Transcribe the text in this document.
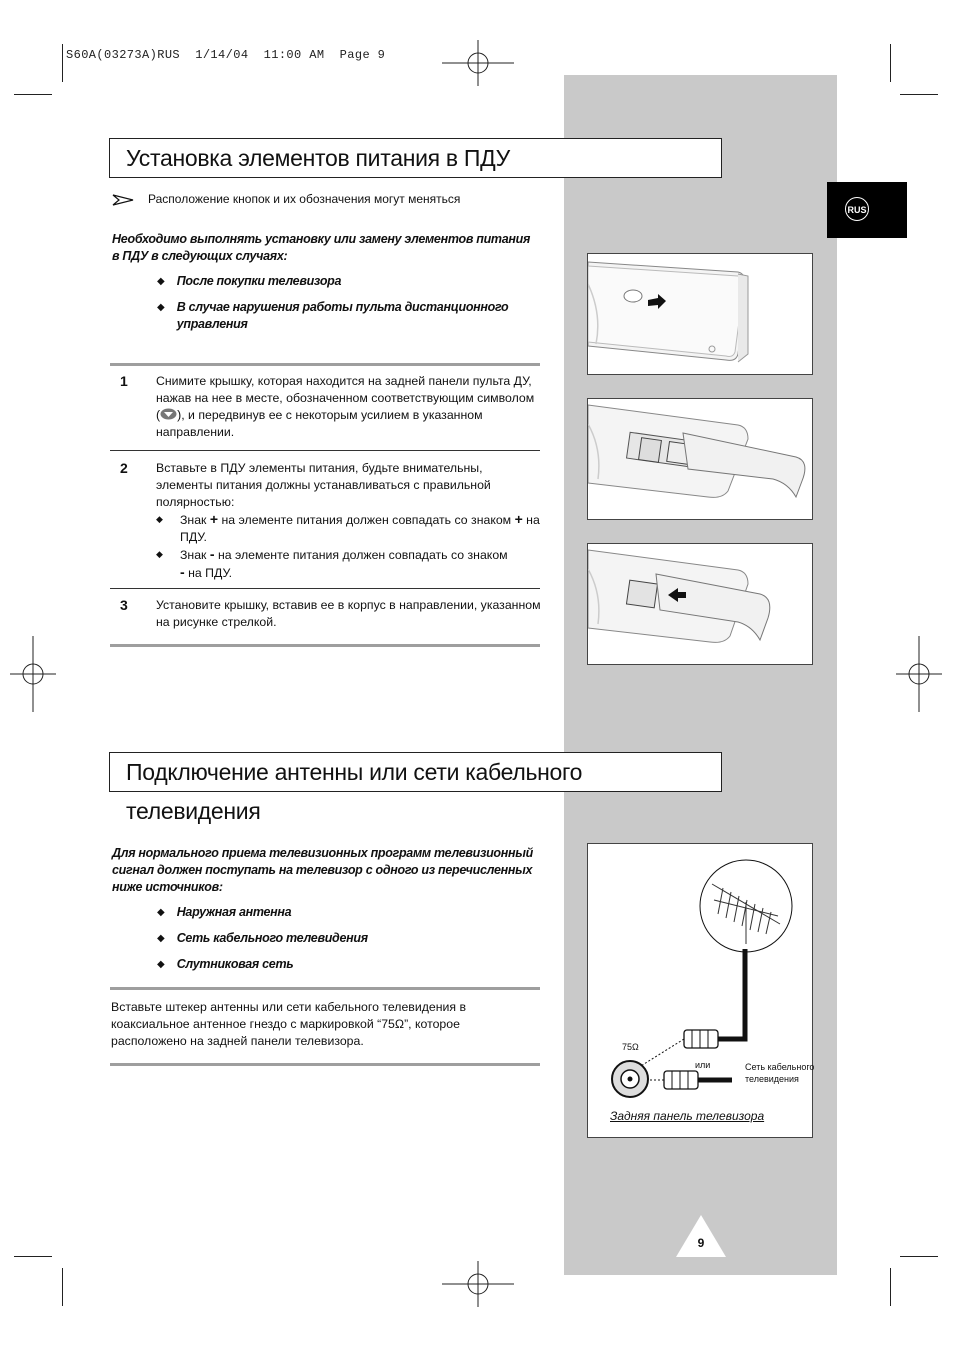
S60A(03273A)RUS  1/14/04  11:00 AM  Page 9
RUS
Установка элементов питания в ПДУ
Расположение кнопок и их обозначения могут меняться
Необходимо выполнять установку или замену элементов питания в ПДУ в следующих случаях:
◆ После покупки телевизора
◆ В случае нарушения работы пульта дистанционного управления
1 Снимите крышку, которая находится на задней панели пульта ДУ, нажав на нее в месте, обозначенном соответствующим символом ( ), и передвинув ее с некоторым усилием в указанном направлении.
2 Вставьте в ПДУ элементы питания, будьте внимательны, элементы питания должны устанавливаться с правильной полярностью:
◆	Знак + на элементе питания должен совпадать со знаком + на ПДУ.
◆	Знак - на элементе питания должен совпадать со знаком
- на ПДУ.
3 Установите крышку, вставив ее в корпус в направлении, указанном на рисунке стрелкой.
Подключение антенны или сети кабельного телевидения
Для нормального приема телевизионных программ телевизионный сигнал должен поступать на телевизор с одного из перечисленных ниже источников:
◆ Наружная антенна
◆ Сеть кабельного телевидения
◆ Слутниковая сеть
Вставьте штекер антенны или сети кабельного телевидения в коаксиальное антенное гнездо с маркировкой “75Ω”, которое расположено на задней панели телевизора.	75Ω
или	Сеть кабельного телевидения
Задняя панель телевизора
9
